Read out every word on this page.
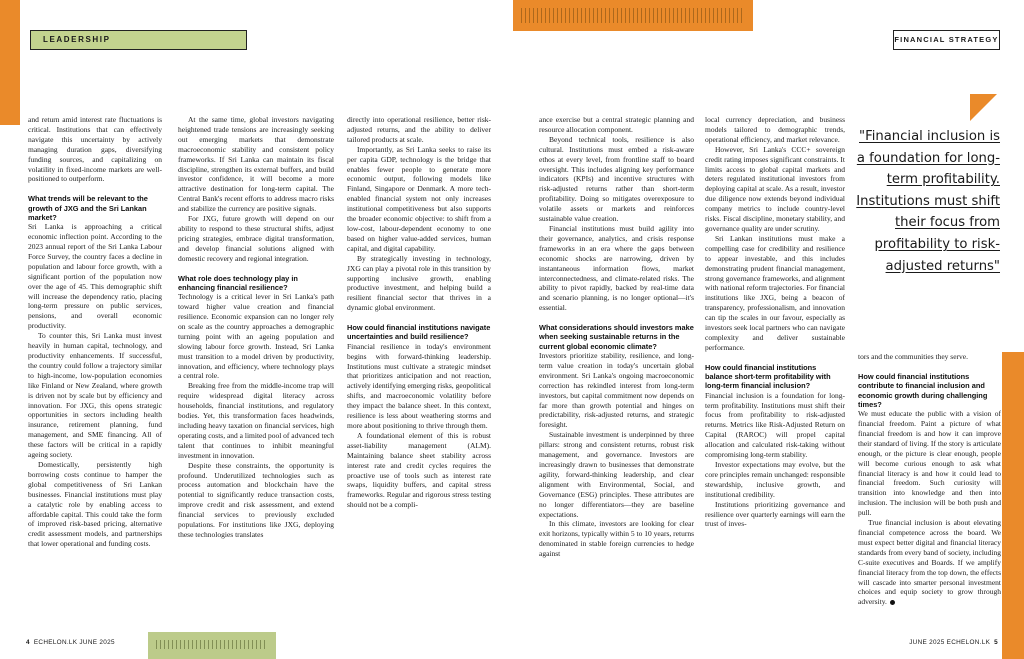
LEADERSHIP	FINANCIAL STRATEGY

and return amid interest rate fluctuations is critical. Institutions that can effectively navigate this uncertainty by actively managing duration gaps, diversifying funding sources, and capitalizing on volatility in fixed-income markets are well-positioned to outperform.

What trends will be relevant to the growth of JXG and the Sri Lankan market?

Sri Lanka is approaching a critical economic inflection point. According to the 2023 annual report of the Sri Lanka Labour Force Survey, the country faces a decline in population and labour force growth, with a significant portion of the population now over the age of 45. This demographic shift will increase the dependency ratio, placing long-term pressure on public services, pensions, and overall economic productivity.

To counter this, Sri Lanka must invest heavily in human capital, technology, and productivity enhancements. If successful, the country could follow a trajectory similar to high-income, low-population economies like Finland or New Zealand, where growth is driven not by scale but by efficiency and innovation. For JXG, this opens strategic opportunities in sectors including health insurance, retirement planning, fund management, and SME financing. All of these factors will be critical in a rapidly ageing society.

Domestically, persistently high borrowing costs continue to hamper the global competitiveness of Sri Lankan businesses. Financial institutions must play a catalytic role by enabling access to affordable capital. This could take the form of improved risk-based pricing, alternative credit assessment models, and partnerships that lower operational and funding costs.

At the same time, global investors navigating heightened trade tensions are increasingly seeking out emerging markets that demonstrate macroeconomic stability and consistent policy frameworks. If Sri Lanka can maintain its fiscal discipline, strengthen its external buffers, and build investor confidence, it will become a more attractive destination for long-term capital. The Central Bank's recent efforts to address macro risks and stabilize the currency are positive signals.

For JXG, future growth will depend on our ability to respond to these structural shifts, adjust pricing strategies, embrace digital transformation, and develop financial solutions aligned with domestic recovery and regional integration.

What role does technology play in enhancing financial resilience?

Technology is a critical lever in Sri Lanka's path toward higher value creation and financial resilience. Economic expansion can no longer rely on scale as the country approaches a demographic turning point with an ageing population and slowing labour force growth. Instead, Sri Lanka must transition to a model driven by productivity, innovation, and efficiency, where technology plays a central role.

Breaking free from the middle-income trap will require widespread digital literacy across households, financial institutions, and regulatory bodies. Yet, this transformation faces headwinds, including heavy taxation on financial services, high operating costs, and a limited pool of advanced tech talent that continues to inhibit meaningful investment in innovation.

Despite these constraints, the opportunity is profound. Underutilized technologies such as process automation and blockchain have the potential to significantly reduce transaction costs, improve credit and risk assessment, and extend financial services to previously excluded populations. For institutions like JXG, deploying these technologies translates

directly into operational resilience, better risk-adjusted returns, and the ability to deliver tailored products at scale.

Importantly, as Sri Lanka seeks to raise its per capita GDP, technology is the bridge that enables fewer people to generate more economic output, following models like Finland, Singapore or Denmark. A more tech-enabled financial system not only increases institutional competitiveness but also supports the broader economic objective: to shift from a low-cost, labour-dependent economy to one based on higher value-added services, human capital, and digital capability.

By strategically investing in technology, JXG can play a pivotal role in this transition by supporting inclusive growth, enabling productive investment, and helping build a resilient financial sector that thrives in a dynamic global environment.

How could financial institutions navigate uncertainties and build resilience?

Financial resilience in today's environment begins with forward-thinking leadership. Institutions must cultivate a strategic mindset that prioritizes anticipation and not reaction, actively identifying emerging risks, geopolitical shifts, and macroeconomic volatility before they impact the balance sheet. In this context, resilience is less about weathering storms and more about positioning to thrive through them.

A foundational element of this is robust asset-liability management (ALM). Maintaining balance sheet stability across interest rate and credit cycles requires the proactive use of tools such as interest rate swaps, liquidity buffers, and capital stress frameworks. Regular and rigorous stress testing should not be a compli-

ance exercise but a central strategic planning and resource allocation component.

Beyond technical tools, resilience is also cultural. Institutions must embed a risk-aware ethos at every level, from frontline staff to board oversight. This includes aligning key performance indicators (KPIs) and incentive structures with risk-adjusted returns rather than short-term profitability. Doing so mitigates overexposure to volatile assets or markets and reinforces sustainable value creation.

Financial institutions must build agility into their governance, analytics, and crisis response frameworks in an era where the gaps between economic shocks are narrowing, driven by instantaneous information flows, market interconnectedness, and climate-related risks. The ability to pivot rapidly, backed by real-time data and scenario planning, is no longer optional—it's essential.

What considerations should investors make when seeking sustainable returns in the current global economic climate?

Investors prioritize stability, resilience, and long-term value creation in today's uncertain global environment. Sri Lanka's ongoing macroeconomic correction has rekindled interest from long-term investors, but capital commitment now depends on far more than growth potential and hinges on predictability, risk-adjusted returns, and strategic foresight.

Sustainable investment is underpinned by three pillars: strong and consistent returns, robust risk management, and governance. Investors are increasingly drawn to businesses that demonstrate agility, forward-thinking leadership, and clear alignment with Environmental, Social, and Governance (ESG) principles. These attributes are no longer differentiators—they are baseline expectations.

In this climate, investors are looking for clear exit horizons, typically within 5 to 10 years, returns denominated in stable foreign currencies to hedge against

local currency depreciation, and business models tailored to demographic trends, operational efficiency, and market relevance.

However, Sri Lanka's CCC+ sovereign credit rating imposes significant constraints. It limits access to global capital markets and deters regulated institutional investors from deploying capital at scale. As a result, investor due diligence now extends beyond individual company metrics to include country-level risks. Fiscal discipline, monetary stability, and governance quality are under scrutiny.

Sri Lankan institutions must make a compelling case for credibility and resilience to appear investable, and this includes demonstrating prudent financial management, strong governance frameworks, and alignment with national reform trajectories. For financial institutions like JXG, being a beacon of transparency, professionalism, and innovation can tip the scales in our favour, especially as investors seek local partners who can navigate complexity and deliver sustainable performance.

How could financial institutions balance short-term profitability with long-term financial inclusion?

Financial inclusion is a foundation for long-term profitability. Institutions must shift their focus from profitability to risk-adjusted returns. Metrics like Risk-Adjusted Return on Capital (RAROC) will propel capital allocation and calculated risk-taking without compromising long-term stability.

Investor expectations may evolve, but the core principles remain unchanged: responsible stewardship, inclusive growth, and institutional credibility.

Institutions prioritizing governance and resilience over quarterly earnings will earn the trust of inves-

tors and the communities they serve.

How could financial institutions contribute to financial inclusion and economic growth during challenging times?

We must educate the public with a vision of financial freedom. Paint a picture of what financial freedom is and how it can improve their standard of living. If the story is articulate enough, or the picture is clear enough, people will become curious enough to ask what financial literacy is and how it could lead to financial freedom. Such curiosity will transition into knowledge and then into inclusion. The inclusion will be both push and pull.

True financial inclusion is about elevating financial competence across the board. We must expect better digital and financial literacy standards from every band of society, including C-suite executives and Boards. If we amplify financial literacy from the top down, the effects will cascade into smarter personal investment choices and equip society to grow through adversity.

"Financial inclusion is a foundation for long-term profitability. Institutions must shift their focus from profitability to risk-adjusted returns"
4 ECHELON.LK JUNE 2025	JUNE 2025 ECHELON.LK 5
